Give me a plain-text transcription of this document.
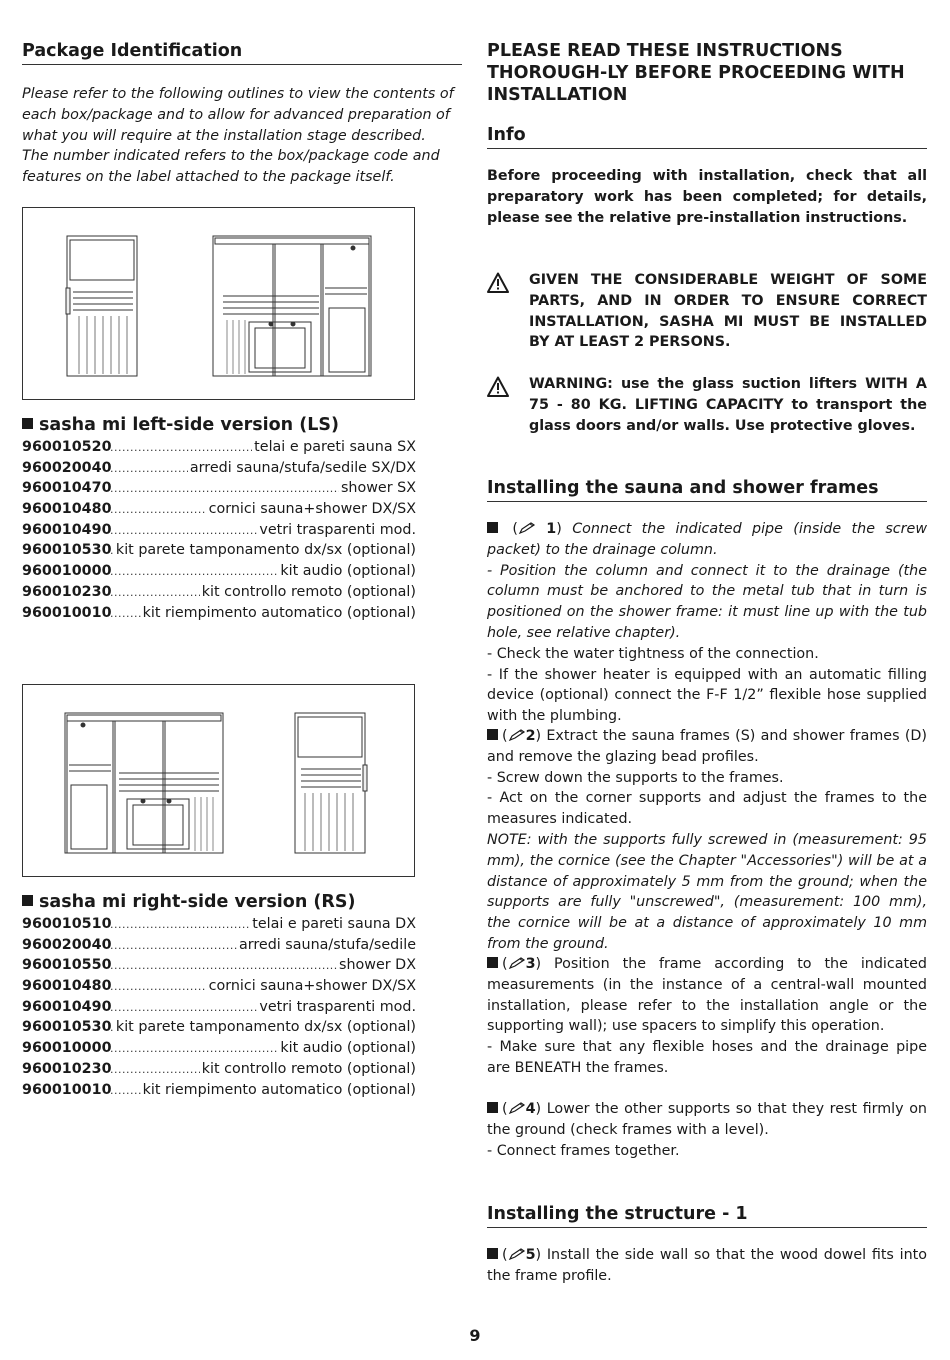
Package Identification

Please refer to the following outlines to view the contents of each box/package and to allow for advanced preparation of what you will require at the installation stage described.

The number indicated refers to the box/package code and features on the label attached to the package itself.

sasha mi left-side version (LS)
960010520 .....	telai e pareti sauna SX
960020040 .....	arredi sauna/stufa/sedile SX/DX
960010470 .....	shower SX
960010480 .....	cornici sauna+shower DX/SX
960010490 .....	vetri trasparenti mod.
960010530 ..... kit parete tamponamento dx/sx (optional)
960010000 .....	kit audio (optional)
960010230 .....	kit controllo remoto (optional)
960010010 ..... kit riempimento automatico (optional)
sasha mi right-side version (RS)
960010510 .....	telai e pareti sauna DX
960020040 .....	arredi sauna/stufa/sedile
960010550 .....	shower DX
960010480 .....	cornici sauna+shower DX/SX
960010490 .....	vetri trasparenti mod.
960010530 ..... kit parete tamponamento dx/sx (optional)
960010000 .....	kit audio (optional)
960010230 .....	kit controllo remoto (optional)
960010010 ..... kit riempimento automatico (optional)
PLEASE READ THESE INSTRUCTIONS THOROUGH-LY BEFORE PROCEEDING WITH INSTALLATION
Info
Before proceeding with installation, check that all preparatory work has been completed; for details, please see the relative pre-installation instructions.
GIVEN THE CONSIDERABLE WEIGHT OF SOME PARTS, AND IN ORDER TO ENSURE CORRECT INSTALLATION, SASHA MI MUST BE INSTALLED BY AT LEAST 2 PERSONS.
WARNING: use the glass suction lifters WITH A 75 - 80 KG. LIFTING CAPACITY to transport the glass doors and/or walls. Use protective gloves.
Installing the sauna and shower frames

( 1) Connect the indicated pipe (inside the screw packet) to the drainage column.

- Position the column and connect it to the drainage (the column must be anchored to the metal tub that in turn is positioned on the shower frame: it must line up with the tub hole, see relative chapter).

- Check the water tightness of the connection.

- If the shower heater is equipped with an automatic filling device (optional) connect the F-F 1/2” flexible hose supplied with the plumbing.

( 2) Extract the sauna frames (S) and shower frames (D) and remove the glazing bead profiles.

- Screw down the supports to the frames.

- Act on the corner supports and adjust the frames to the measures indicated.

NOTE: with the supports fully screwed in (measurement: 95 mm), the cornice (see the Chapter "Accessories") will be at a distance of approximately 5 mm from the ground; when the supports are fully "unscrewed", (measurement: 100 mm), the cornice will be at a distance of approximately 10 mm from the ground.

( 3) Position the frame according to the indicated measurements (in the instance of a central-wall mounted installation, please refer to the installation angle or the supporting wall); use spacers to simplify this operation.

- Make sure that any flexible hoses and the drainage pipe are BENEATH the frames.

( 4) Lower the other supports so that they rest firmly on the ground (check frames with a level).

- Connect frames together.

Installing the structure - 1

( 5) Install the side wall so that the wood dowel fits into the frame profile.

9
